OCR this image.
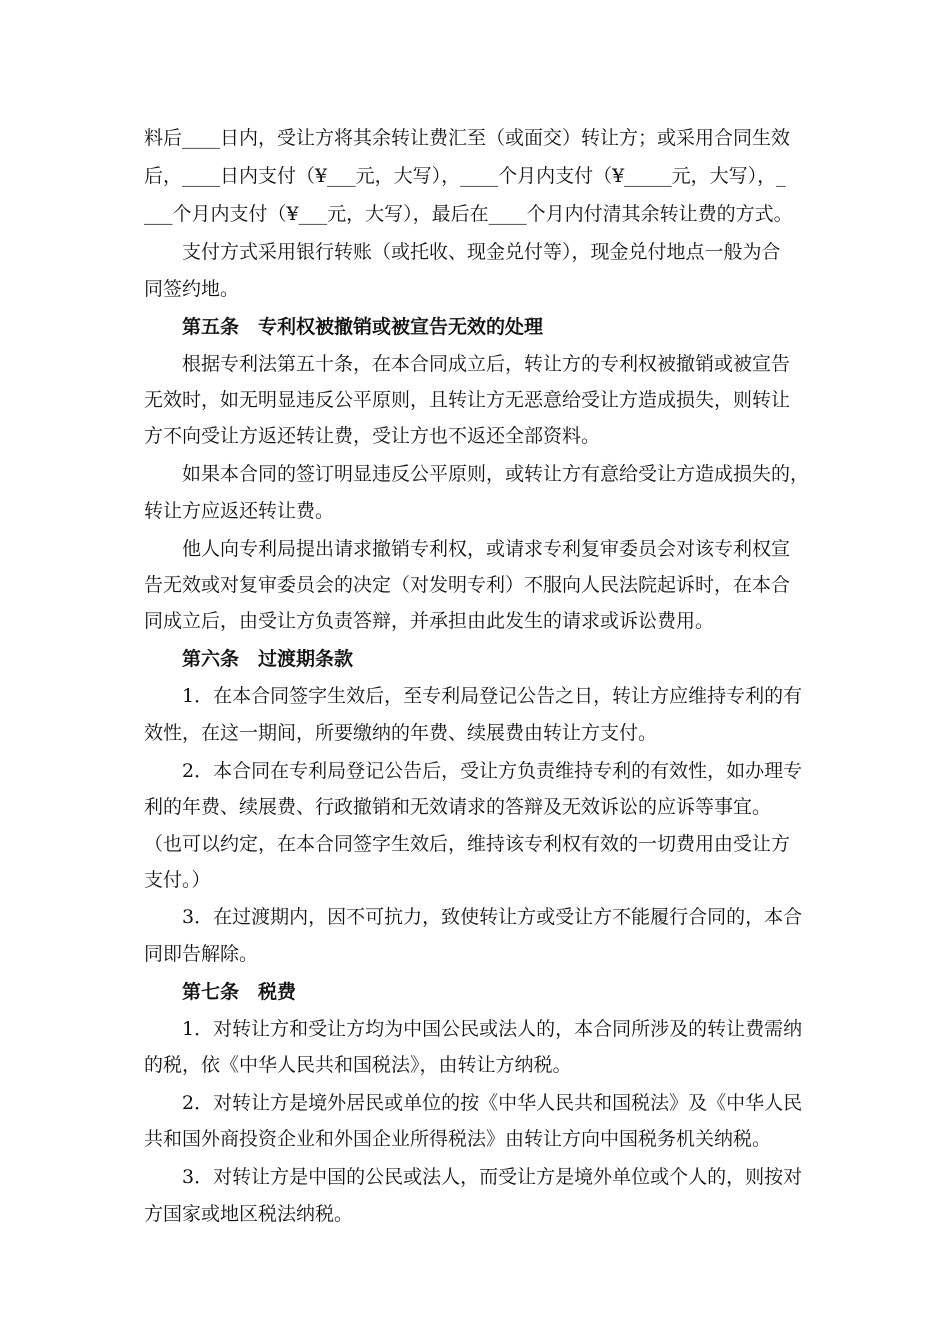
料后____日内，受让方将其余转让费汇至（或面交）转让方；或采用合同生效
后，____日内支付（¥___元，大写），____个月内支付（¥_____元，大写），_
___个月内支付（¥___元，大写），最后在____个月内付清其余转让费的方式。
支付方式采用银行转账（或托收、现金兑付等），现金兑付地点一般为合
同签约地。
第五条　专利权被撤销或被宣告无效的处理
根据专利法第五十条，在本合同成立后，转让方的专利权被撤销或被宣告
无效时，如无明显违反公平原则，且转让方无恶意给受让方造成损失，则转让
方不向受让方返还转让费，受让方也不返还全部资料。
如果本合同的签订明显违反公平原则，或转让方有意给受让方造成损失的，
转让方应返还转让费。
他人向专利局提出请求撤销专利权，或请求专利复审委员会对该专利权宣
告无效或对复审委员会的决定（对发明专利）不服向人民法院起诉时，在本合
同成立后，由受让方负责答辩，并承担由此发生的请求或诉讼费用。
第六条　过渡期条款
1．在本合同签字生效后，至专利局登记公告之日，转让方应维持专利的有
效性，在这一期间，所要缴纳的年费、续展费由转让方支付。
2．本合同在专利局登记公告后，受让方负责维持专利的有效性，如办理专
利的年费、续展费、行政撤销和无效请求的答辩及无效诉讼的应诉等事宜。
（也可以约定，在本合同签字生效后，维持该专利权有效的一切费用由受让方
支付。）
3．在过渡期内，因不可抗力，致使转让方或受让方不能履行合同的，本合
同即告解除。
第七条　税费
1．对转让方和受让方均为中国公民或法人的，本合同所涉及的转让费需纳
的税，依《中华人民共和国税法》，由转让方纳税。
2．对转让方是境外居民或单位的按《中华人民共和国税法》及《中华人民
共和国外商投资企业和外国企业所得税法》由转让方向中国税务机关纳税。
3．对转让方是中国的公民或法人，而受让方是境外单位或个人的，则按对
方国家或地区税法纳税。
